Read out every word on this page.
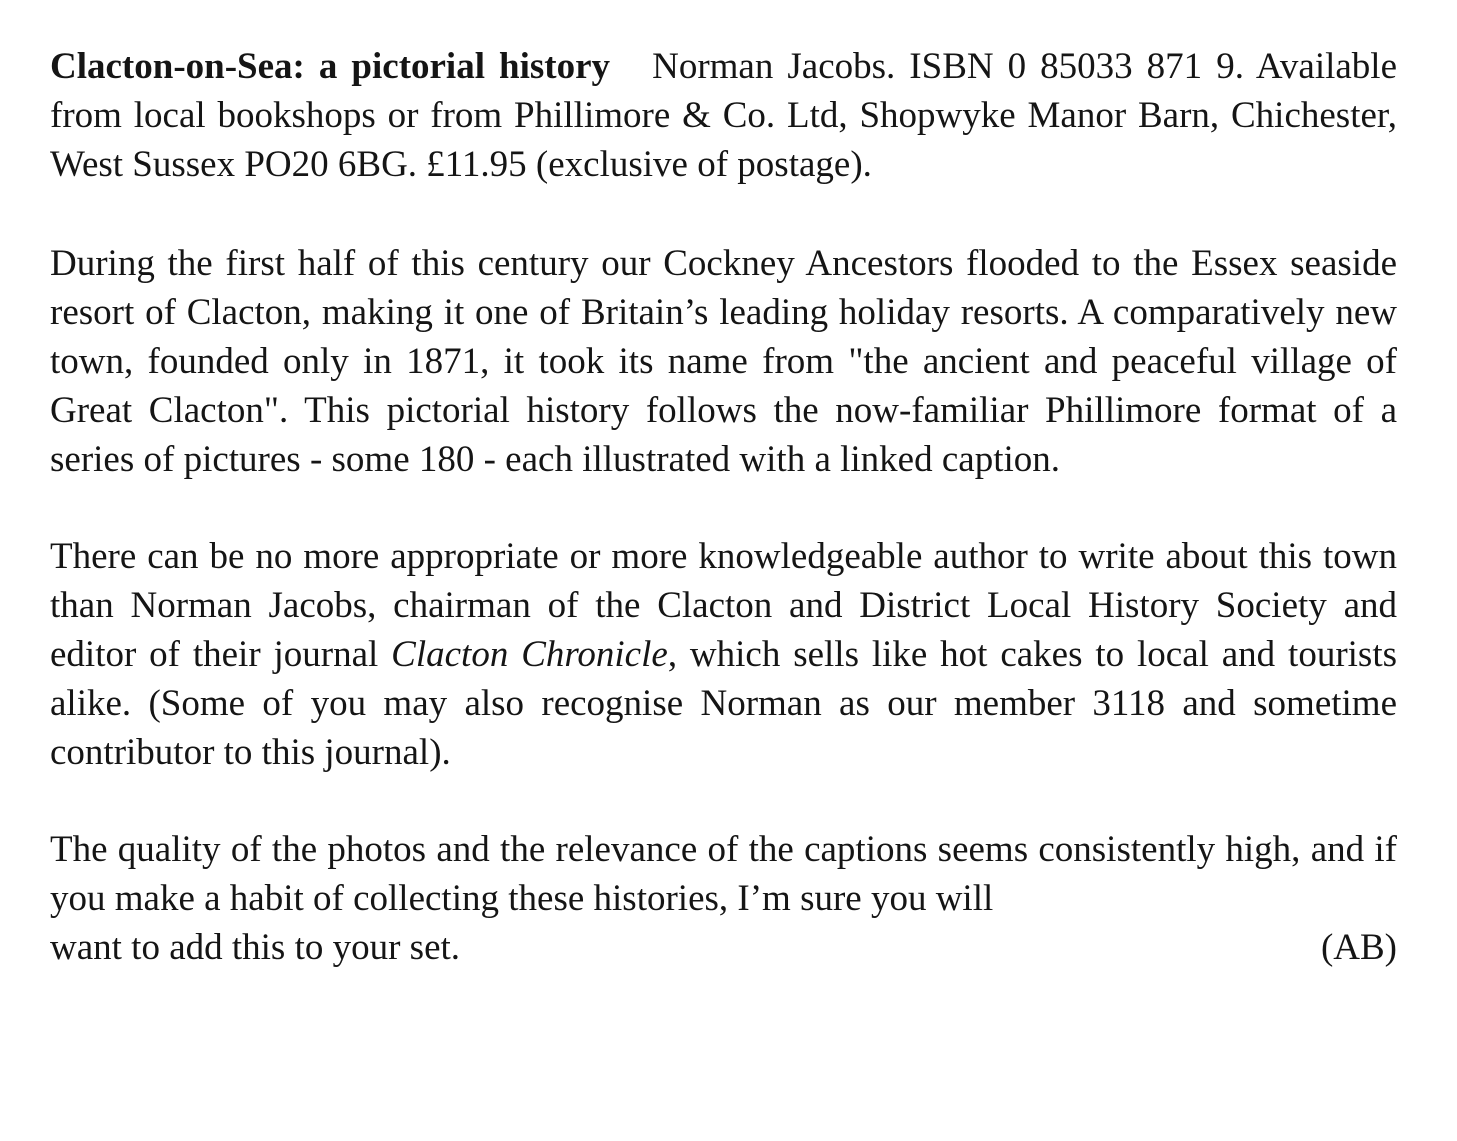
Clacton-on-Sea: a pictorial history Norman Jacobs. ISBN 0 85033 871 9. Available from local bookshops or from Phillimore & Co. Ltd, Shopwyke Manor Barn, Chichester, West Sussex PO20 6BG. £11.95 (exclusive of postage).

During the first half of this century our Cockney Ancestors flooded to the Essex seaside resort of Clacton, making it one of Britain’s leading holiday resorts. A comparatively new town, founded only in 1871, it took its name from "the ancient and peaceful village of Great Clacton". This pictorial history follows the now-familiar Phillimore format of a series of pictures - some 180 - each illustrated with a linked caption.

There can be no more appropriate or more knowledgeable author to write about this town than Norman Jacobs, chairman of the Clacton and District Local History Society and editor of their journal Clacton Chronicle, which sells like hot cakes to local and tourists alike. (Some of you may also recognise Norman as our member 3118 and sometime contributor to this journal).

The quality of the photos and the relevance of the captions seems consistently high, and if you make a habit of collecting these histories, I’m sure you will

want to add this to your set.	(AB)
